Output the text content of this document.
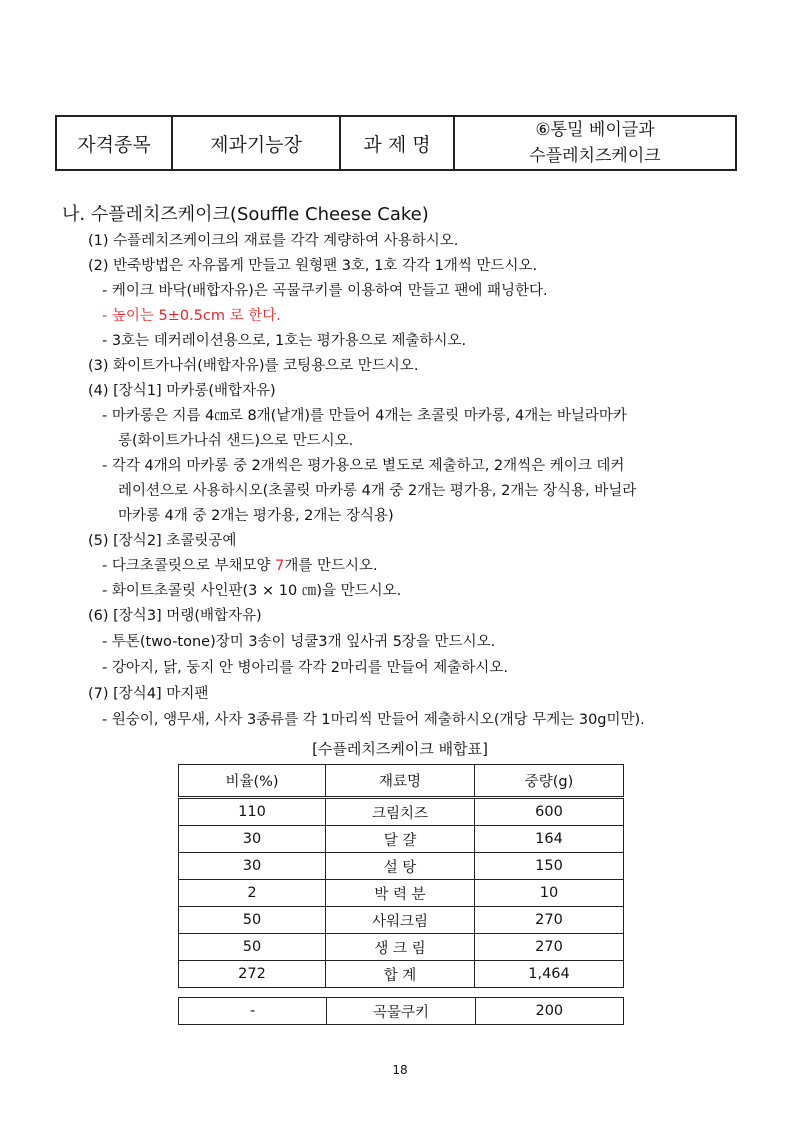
자격종목	제과기능장	과 제 명	
⑥통밀 베이글과
수플레치즈케이크
나. 수플레치즈케이크(Souffle Cheese Cake)
(1) 수플레치즈케이크의 재료를 각각 계량하여 사용하시오.
(2) 반죽방법은 자유롭게 만들고 원형팬 3호, 1호 각각 1개씩 만드시오.
- 케이크 바닥(배합자유)은 곡물쿠키를 이용하여 만들고 팬에 패닝한다.
- 높이는 5±0.5cm 로 한다.
- 3호는 데커레이션용으로, 1호는 평가용으로 제출하시오.
(3) 화이트가나쉬(배합자유)를 코팅용으로 만드시오.
(4) [장식1] 마카롱(배합자유)
- 마카롱은 지름 4㎝로 8개(낱개)를 만들어 4개는 초콜릿 마카롱, 4개는 바닐라마카
롱(화이트가나쉬 샌드)으로 만드시오.
- 각각 4개의 마카롱 중 2개씩은 평가용으로 별도로 제출하고, 2개씩은 케이크 데커
레이션으로 사용하시오(초콜릿 마카롱 4개 중 2개는 평가용, 2개는 장식용, 바닐라
마카롱 4개 중 2개는 평가용, 2개는 장식용)
(5) [장식2] 초콜릿공예
- 다크초콜릿으로 부채모양 7개를 만드시오.
- 화이트초콜릿 사인판(3 × 10 ㎝)을 만드시오.
(6) [장식3] 머랭(배합자유)
- 투톤(two-tone)장미 3송이 넝쿨3개 잎사귀 5장을 만드시오.
- 강아지, 닭, 둥지 안 병아리를 각각 2마리를 만들어 제출하시오.
(7) [장식4] 마지팬
- 원숭이, 앵무새, 사자 3종류를 각 1마리씩 만들어 제출하시오(개당 무게는 30g미만).
[수플레치즈케이크 배합표]
비율(%)	재료명	중량(g)
110	크림치즈	600
30	달 걀	164
30	설 탕	150
2	박 력 분	10
50	사워크림	270
50	생 크 림	270
272	합 계	1,464
-	곡물쿠키	200
18
